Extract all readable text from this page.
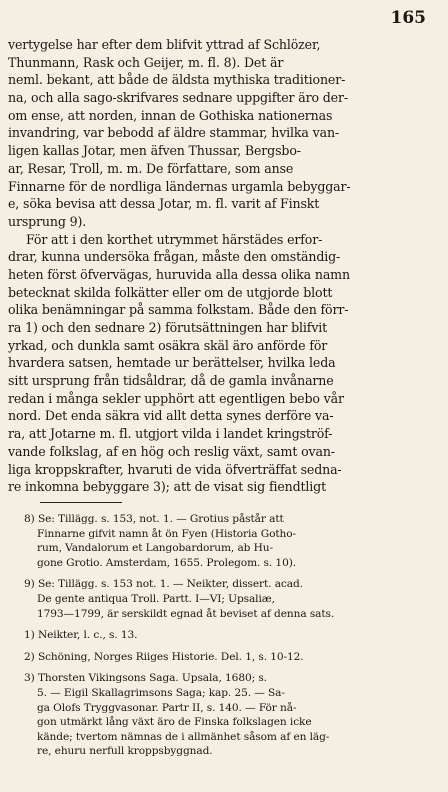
165
vertygelse har efter dem blifvit yttrad af Schlözer,
Thunmann, Rask och Geijer, m. fl. 8). Det är
neml. bekant, att både de äldsta mythiska traditioner-
na, och alla sago-skrifvares sednare uppgifter äro der-
om ense, att norden, innan de Gothiska nationernas
invandring, var bebodd af äldre stammar, hvilka van-
ligen kallas Jotar, men äfven Thussar, Bergsbo-
ar, Resar, Troll, m. m. De författare, som anse
Finnarne för de nordliga ländernas urgamla bebyggar-
e, söka bevisa att dessa Jotar, m. fl. varit af Finskt
ursprung 9).
För att i den korthet utrymmet härstädes erfor-
drar, kunna undersöka frågan, måste den omständig-
heten först öfvervägas, huruvida alla dessa olika namn
betecknat skilda folkätter eller om de utgjorde blott
olika benämningar på samma folkstam. Både den förr-
ra 1) och den sednare 2) förutsättningen har blifvit
yrkad, och dunkla samt osäkra skäl äro anförde för
hvardera satsen, hemtade ur berättelser, hvilka leda
sitt ursprung från tidsåldrar, då de gamla invånarne
redan i många sekler upphört att egentligen bebo vår
nord. Det enda säkra vid allt detta synes derföre va-
ra, att Jotarne m. fl. utgjort vilda i landet kringströf-
vande folkslag, af en hög och reslig växt, samt ovan-
liga kroppskrafter, hvaruti de vida öfverträffat sedna-
re inkomna bebyggare 3); att de visat sig fiendtligt
8) Se: Tillägg. s. 153, not. 1. — Grotius påstår att
Finnarne gifvit namn åt ön Fyen (Historia Gotho-
rum, Vandalorum et Langobardorum, ab Hu-
gone Grotio. Amsterdam, 1655. Prolegom. s. 10).
9) Se: Tillägg. s. 153 not. 1. — Neikter, dissert. acad.
De gente antiqua Troll. Partt. I—VI; Upsaliæ,
1793—1799, är serskildt egnad åt beviset af denna sats.
1) Neikter, l. c., s. 13.
2) Schöning, Norges Riiges Historie. Del. 1, s. 10-12.
3) Thorsten Vikingsons Saga. Upsala, 1680; s.
5. — Eigil Skallagrimsons Saga; kap. 25. — Sa-
ga Olofs Tryggvasonar. Partr II, s. 140. — För nå-
gon utmärkt lång växt äro de Finska folkslagen icke
kände; tvertom nämnas de i allmänhet såsom af en läg-
re, ehuru nerfull kroppsbyggnad.
